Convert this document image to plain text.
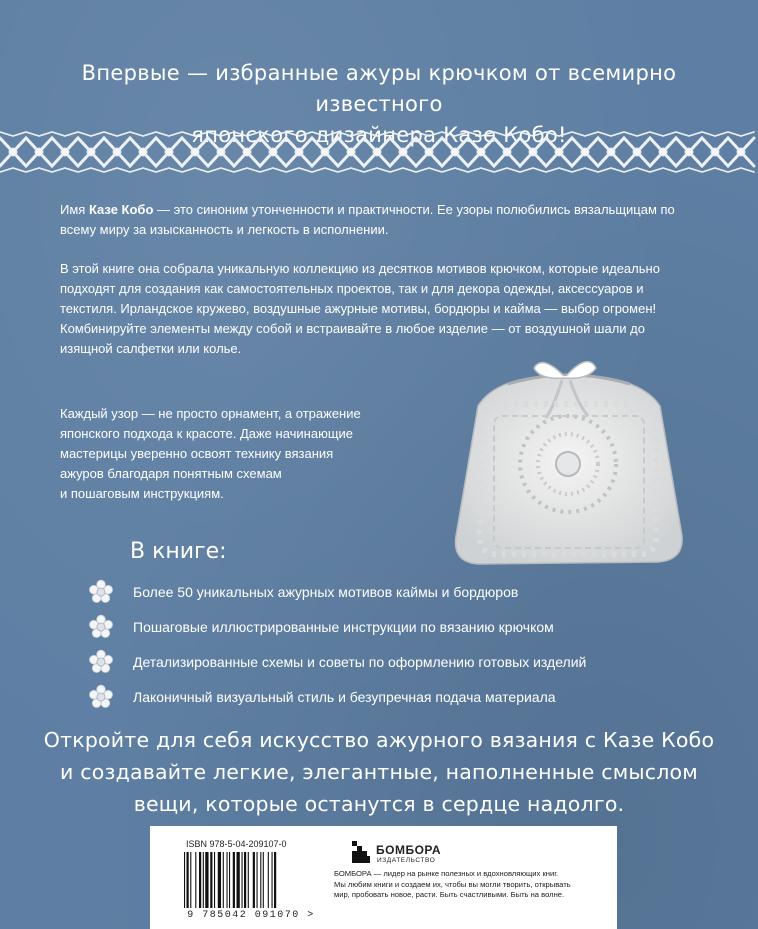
Впервые — избранные ажуры крючком от всемирно известного
японского дизайнера Казе Кобо!

Имя Казе Кобо — это синоним утонченности и практичности. Ее узоры полюбились вязальщицам по всему миру за изысканность и легкость в исполнении.

В этой книге она собрала уникальную коллекцию из десятков мотивов крючком, которые идеально подходят для создания как самостоятельных проектов, так и для декора одежды, аксессуаров и текстиля. Ирландское кружево, воздушные ажурные мотивы, бордюры и кайма — выбор огромен! Комбинируйте элементы между собой и встраивайте в любое изделие — от воздушной шали до изящной салфетки или колье.

Каждый узор — не просто орнамент, а отражение
японского подхода к красоте. Даже начинающие
мастерицы уверенно освоят технику вязания
ажуров благодаря понятным схемам
и пошаговым инструкциям.
В книге:
Более 50 уникальных ажурных мотивов каймы и бордюров
Пошаговые иллюстрированные инструкции по вязанию крючком
Детализированные схемы и советы по оформлению готовых изделий
Лаконичный визуальный стиль и безупречная подача материала
Откройте для себя искусство ажурного вязания с Казе Кобо
и создавайте легкие, элегантные, наполненные смыслом
вещи, которые останутся в сердце надолго.
ISBN 978-5-04-209107-0
9 785042 091070 >
БОМБОРА
ИЗДАТЕЛЬСТВО
БОМБОРА — лидер на рынке полезных и вдохновляющих книг.
Мы любим книги и создаем их, чтобы вы могли творить, открывать
мир, пробовать новое, расти. Быть счастливыми. Быть на волне.
